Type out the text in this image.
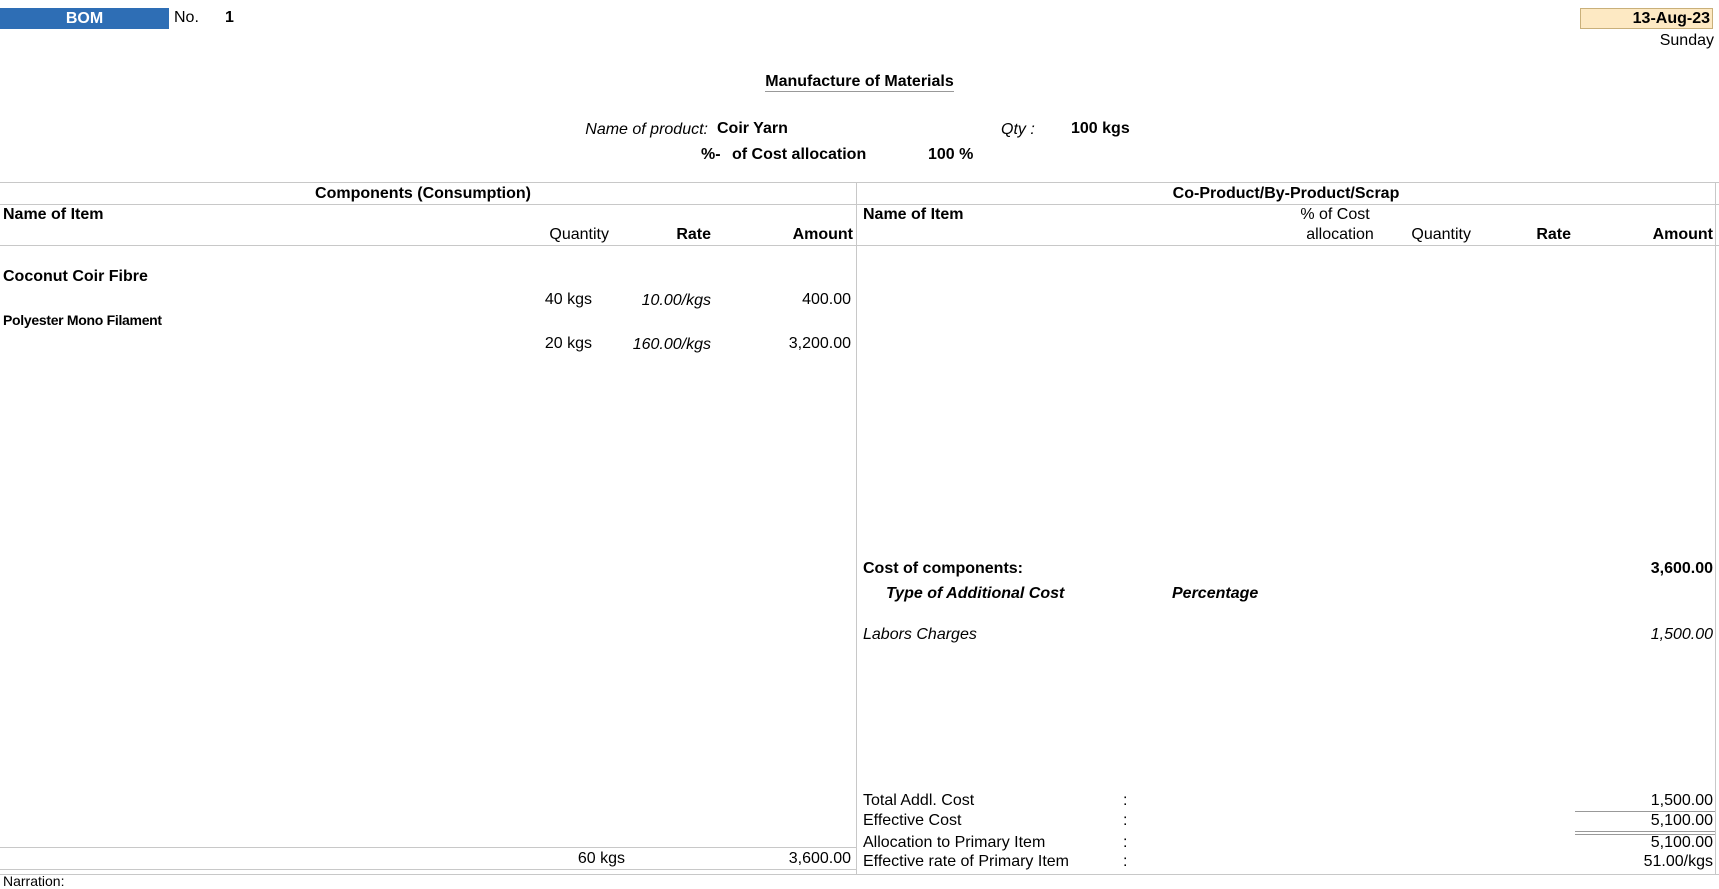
BOM	No. 1	13-Aug-23
Sunday
Manufacture of Materials
Name of product: Coir Yarn	Qty : 100 kgs
%- of Cost allocation	100 %
Components (Consumption)
Name of Item
Quantity	Rate	Amount
Coconut Coir Fibre
40 kgs	10.00/kgs	400.00
Polyester Mono Filament
20 kgs	160.00/kgs	3,200.00
60 kgs	3,600.00
Co-Product/By-Product/Scrap
Name of Item	% of Cost
allocation	Quantity	Rate	Amount
Cost of components:	3,600.00
Type of Additional Cost	Percentage
Labors Charges	1,500.00
Total Addl. Cost	:	1,500.00
Effective Cost	:	5,100.00
Allocation to Primary Item	:	5,100.00
Effective rate of Primary Item	:	51.00/kgs
Narration:
